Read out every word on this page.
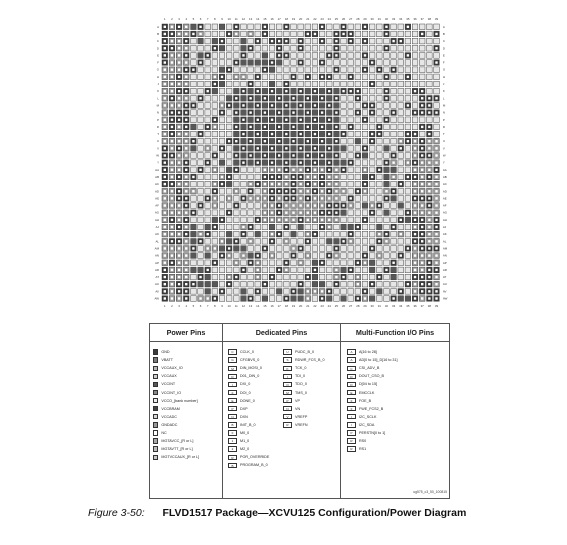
1
1
2
2
3
3
4
4
5
5
6
6
7
7
8
8
9
9
10
10
11
11
12
12
13
13
14
14
15
15
16
16
17
17
18
18
19
19
20
20
21
21
22
22
23
23
24
24
25
25
26
26
27
27
28
28
29
29
30
30
31
31
32
32
33
33
34
34
35
35
36
36
37
37
38
38
39
39
A	A
B	B
C	C
D	D
E	E
F	F
G	G
H	H
J	J
K	K
L	L
M	M
N	N
P	P
R	R
T	T
U	U
V	V
W	W
Y	Y
AA	AA
AB	AB
AC	AC
AD	AD
AE	AE
AF	AF
AG	AG
AH	AH
AJ	AJ
AK	AK
AL	AL
AM	AM
AN	AN
AP	AP
AR	AR
AT	AT
AU	AU
AV	AV
AW	AW
Power Pins
GND
VBATT
VCCAUX_IO
VCCAUX
VCCINT
VCCINT_IO
VCCO_[bank number]
VCCBRAM
VCCADC
GNDADC
NC
MGTAVCC_[R or L]
MGTAVTT_[R or L]
MGTVCCAUX_[R or L]
Dedicated Pins
C	CCLK_0
G	CFGBVS_0
M	DIN_MOSI_0
D	D01_DIN_0
I	DXI_0
0	DOI_0
E	DONE_0
P	DXP
N	DXN
B	INIT_B_0
0	M0_0
1	M1_0
2	M2_0
R	POR_OVERRIDE
B	PROGRAM_B_0
U	PUDC_B_0
S	RDWR_FCS_B_0
K	TCK_0
I	TDI_0
O	TDO_0
M	TMS_0
P	VP
N	VN
V	VREFP
R	VREFN
Multi-Function I/O Pins
A	A[16 to 28]
A	AD[0 to 15]_D[16 to 31]
C	CSI_ADV_B
D	DOUT_CSO_B
D	D[04 to 15]
E	EMCCLK
F	FOE_B
F	FWE_FCS2_B
I	I2C_SCLK
I	I2C_SDA
P	PERSTN[0 to 1]
R	RS0
R	RS1
ug575_c3_50_100815
Figure 3-50: FLVD1517 Package—XCVU125 Configuration/Power Diagram
